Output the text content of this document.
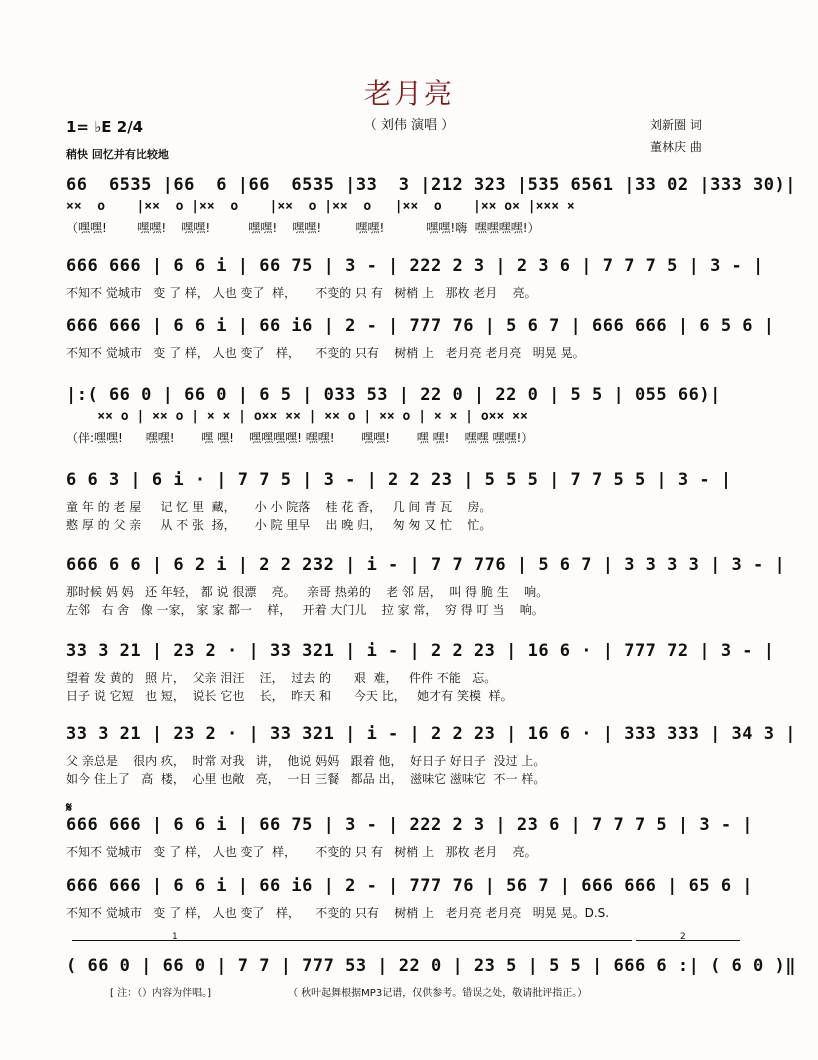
老月亮
（ 刘伟 演唱 ）
1= ♭E 2/4
稍快 回忆并有比较地
刘新圈 词
董林庆 曲
66  6535 |66  6 |66  6535 |33  3 |212 323 |535 6561 |33 02 |333 30)|
××  o    |××  o |××  o    |××  o |××  o   |××  o    |×× o× |××× ×
（嘿嘿!        嘿嘿!    嘿嘿!          嘿嘿!    嘿嘿!         嘿嘿!           嘿嘿!嗨  嘿嘿嘿嘿!）
666 666 | 6 6 i | 66 75 | 3 - | 222 2 3 | 2 3 6 | 7 7 7 5 | 3 - |
不知不 觉城市   变 了 样， 人也 变了  样，     不变的 只 有   树梢 上   那枚 老月    亮。
666 666 | 6 6 i | 66 i6 | 2 - | 777 76 | 5 6 7 | 666 666 | 6 5 6 |
不知不 觉城市   变 了 样， 人也 变了   样，    不变的 只有    树梢 上   老月亮 老月亮   明晃 晃。
|:( 66 0 | 66 0 | 6 5 | 033 53 | 22 0 | 22 0 | 5 5 | 055 66)|
×× o | ×× o | × × | o×× ×× | ×× o | ×× o | × × | o×× ××
（伴:嘿嘿!      嘿嘿!       嘿 嘿!    嘿嘿嘿嘿! 嘿嘿!       嘿嘿!       嘿 嘿!    嘿嘿 嘿嘿!）
6 6 3 | 6 i · | 7 7 5 | 3 - | 2 2 23 | 5 5 5 | 7 7 5 5 | 3 - |
童 年 的 老 屋     记 忆 里  藏，     小 小 院落    桂 花 香，   几 间 青 瓦    房。
憨 厚 的 父 亲     从 不 张  扬，     小 院 里早    出 晚 归，   匆 匆 又 忙    忙。
666 6 6 | 6 2 i | 2 2 232 | i - | 7 7 776 | 5 6 7 | 3 3 3 3 | 3 - |
那时候 妈 妈   还 年轻， 都 说 很漂    亮。   亲哥 热弟的    老 邻 居，  叫 得 脆 生    响。
左邻   右 舍   像 一家， 家 家 都一    样，   开着 大门儿    拉 家 常，  穷 得 叮 当    响。
33 3 21 | 23 2 · | 33 321 | i - | 2 2 23 | 16 6 · | 777 72 | 3 - |
望着 发 黄的   照 片，  父亲 泪汪    汪，  过去 的      艰  难，   件件 不能   忘。
日子 说 它短   也 短，  说长 它也    长，  昨天 和      今天 比，   她才有 笑模  样。
33 3 21 | 23 2 · | 33 321 | i - | 2 2 23 | 16 6 · | 333 333 | 34 3 |
父 亲总是    很内 疚，  时常 对我   讲，  他说 妈妈   跟着 他，  好日子 好日子  没过 上。
如今 住上了   高  楼，  心里 也敞   亮，  一日 三餐   都品 出，  滋味它 滋味它  不一 样。
𝄋
666 666 | 6 6 i | 66 75 | 3 - | 222 2 3 | 23 6 | 7 7 7 5 | 3 - |
不知不 觉城市   变 了 样， 人也 变了  样，     不变的 只 有   树梢 上   那枚 老月    亮。
666 666 | 6 6 i | 66 i6 | 2 - | 777 76 | 56 7 | 666 666 | 65 6 |
不知不 觉城市   变 了 样， 人也 变了   样，    不变的 只有    树梢 上   老月亮 老月亮   明晃 晃。D.S.
1	2
( 66 0 | 66 0 | 7 7 | 777 53 | 22 0 | 23 5 | 5 5 | 666 6 :| ( 6 0 )‖
[ 注：（）内容为伴唱。]	（ 秋叶起舞根据MP3记谱，仅供参考。错误之处，敬请批评指正。）
